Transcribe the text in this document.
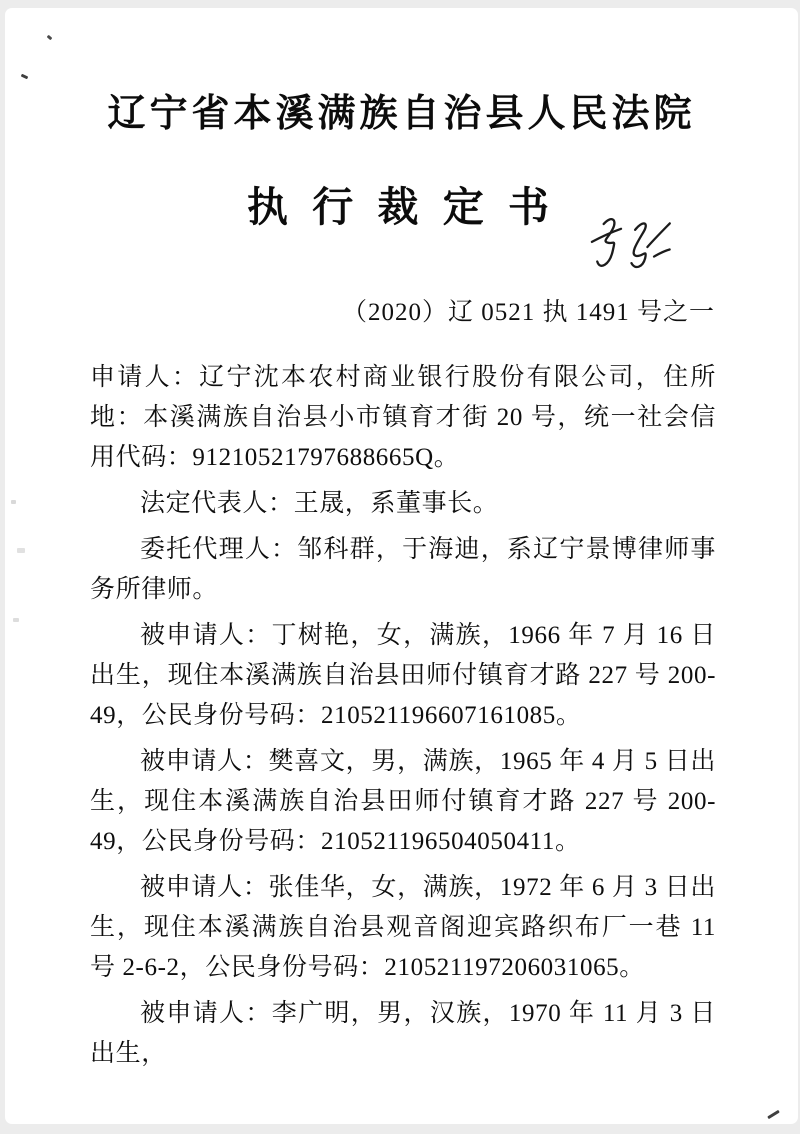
辽宁省本溪满族自治县人民法院
执 行 裁 定 书
（2020）辽 0521 执 1491 号之一

申请人：辽宁沈本农村商业银行股份有限公司，住所地：本溪满族自治县小市镇育才街 20 号，统一社会信用代码：91210521797688665Q。

法定代表人：王晟，系董事长。

委托代理人：邹科群，于海迪，系辽宁景博律师事务所律师。

被申请人：丁树艳，女，满族，1966 年 7 月 16 日出生，现住本溪满族自治县田师付镇育才路 227 号 200-49，公民身份号码：210521196607161085。

被申请人：樊喜文，男，满族，1965 年 4 月 5 日出生，现住本溪满族自治县田师付镇育才路 227 号 200-49，公民身份号码：210521196504050411。

被申请人：张佳华，女，满族，1972 年 6 月 3 日出生，现住本溪满族自治县观音阁迎宾路织布厂一巷 11 号 2-6-2，公民身份号码：210521197206031065。

被申请人：李广明，男，汉族，1970 年 11 月 3 日出生，
